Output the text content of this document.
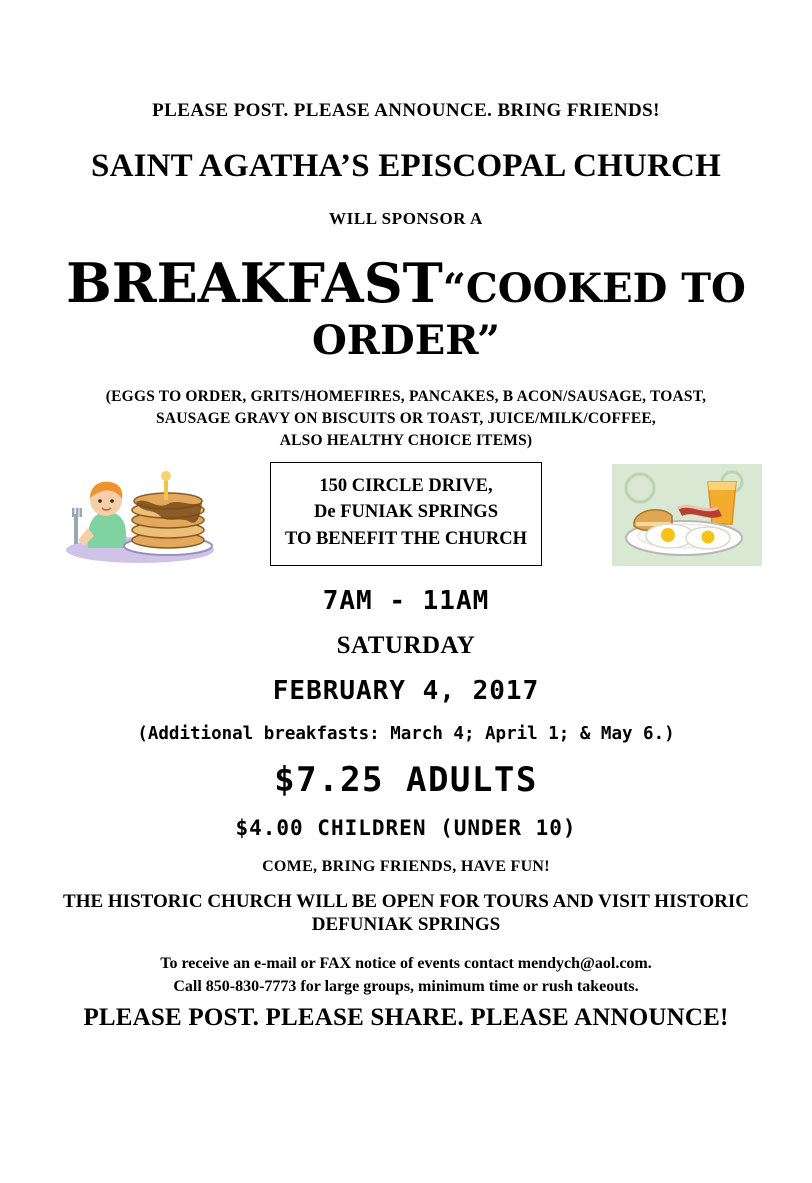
PLEASE POST. PLEASE ANNOUNCE. BRING FRIENDS!
SAINT AGATHA’S EPISCOPAL CHURCH
WILL SPONSOR A
BREAKFAST“COOKED TO
ORDER”
(EGGS TO ORDER, GRITS/HOMEFIRES, PANCAKES, B ACON/SAUSAGE, TOAST,
SAUSAGE GRAVY ON BISCUITS OR TOAST, JUICE/MILK/COFFEE,
ALSO HEALTHY CHOICE ITEMS)
150 CIRCLE DRIVE,
De FUNIAK SPRINGS
TO BENEFIT THE CHURCH
7AM - 11AM
SATURDAY
FEBRUARY 4, 2017
(Additional breakfasts: March 4; April 1; & May 6.)
$7.25 ADULTS
$4.00 CHILDREN (UNDER 10)
COME, BRING FRIENDS, HAVE FUN!
THE HISTORIC CHURCH WILL BE OPEN FOR TOURS AND VISIT HISTORIC
DEFUNIAK SPRINGS
To receive an e-mail or FAX notice of events contact mendych@aol.com.
Call 850-830-7773 for large groups, minimum time or rush takeouts.
PLEASE POST. PLEASE SHARE. PLEASE ANNOUNCE!
